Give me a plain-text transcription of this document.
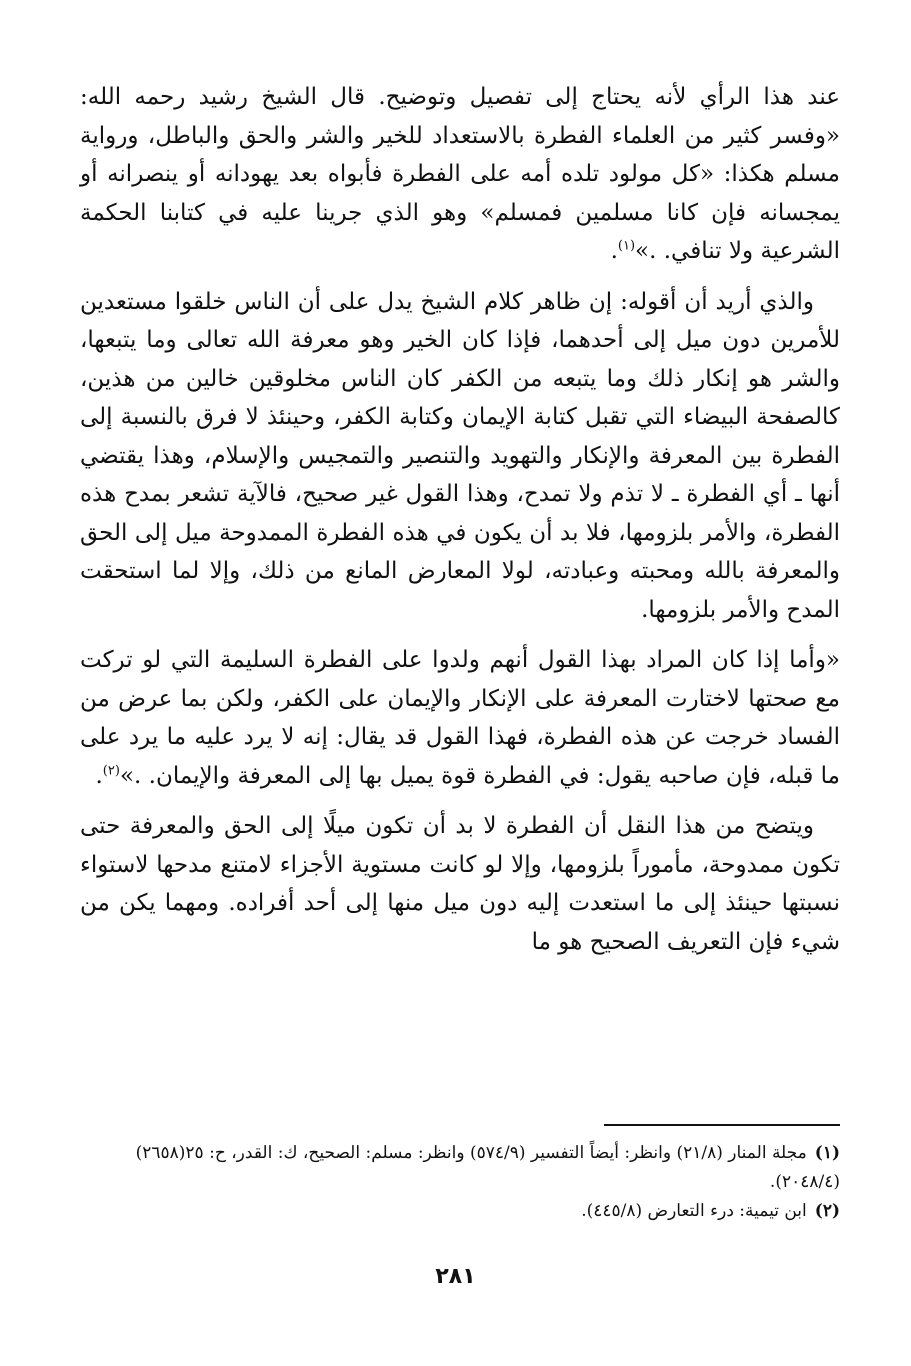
عند هذا الرأي لأنه يحتاج إلى تفصيل وتوضيح. قال الشيخ رشيد رحمه الله: «وفسر كثير من العلماء الفطرة بالاستعداد للخير والشر والحق والباطل، ورواية مسلم هكذا: «كل مولود تلده أمه على الفطرة فأبواه بعد يهودانه أو ينصرانه أو يمجسانه فإن كانا مسلمين فمسلم» وهو الذي جرينا عليه في كتابنا الحكمة الشرعية ولا تنافي. .»$^{(١)}$.

والذي أريد أن أقوله: إن ظاهر كلام الشيخ يدل على أن الناس خلقوا مستعدين للأمرين دون ميل إلى أحدهما، فإذا كان الخير وهو معرفة الله تعالى وما يتبعها، والشر هو إنكار ذلك وما يتبعه من الكفر كان الناس مخلوقين خالين من هذين، كالصفحة البيضاء التي تقبل كتابة الإيمان وكتابة الكفر، وحينئذ لا فرق بالنسبة إلى الفطرة بين المعرفة والإنكار والتهويد والتنصير والتمجيس والإسلام، وهذا يقتضي أنها ـ أي الفطرة ـ لا تذم ولا تمدح، وهذا القول غير صحيح، فالآية تشعر بمدح هذه الفطرة، والأمر بلزومها، فلا بد أن يكون في هذه الفطرة الممدوحة ميل إلى الحق والمعرفة بالله ومحبته وعبادته، لولا المعارض المانع من ذلك، وإلا لما استحقت المدح والأمر بلزومها.

«وأما إذا كان المراد بهذا القول أنهم ولدوا على الفطرة السليمة التي لو تركت مع صحتها لاختارت المعرفة على الإنكار والإيمان على الكفر، ولكن بما عرض من الفساد خرجت عن هذه الفطرة، فهذا القول قد يقال: إنه لا يرد عليه ما يرد على ما قبله، فإن صاحبه يقول: في الفطرة قوة يميل بها إلى المعرفة والإيمان. .»$^{(٢)}$.

ويتضح من هذا النقل أن الفطرة لا بد أن تكون ميلًا إلى الحق والمعرفة حتى تكون ممدوحة، مأموراً بلزومها، وإلا لو كانت مستوية الأجزاء لامتنع مدحها لاستواء نسبتها حينئذ إلى ما استعدت إليه دون ميل منها إلى أحد أفراده. ومهما يكن من شيء فإن التعريف الصحيح هو ما

(١)مجلة المنار (٢١/٨) وانظر: أيضاً التفسير (٥٧٤/٩) وانظر: مسلم: الصحيح، ك: القدر، ح: ٢٥(٢٦٥٨) (٢٠٤٨/٤).

(٢)ابن تيمية: درء التعارض (٤٤٥/٨).

٢٨١
